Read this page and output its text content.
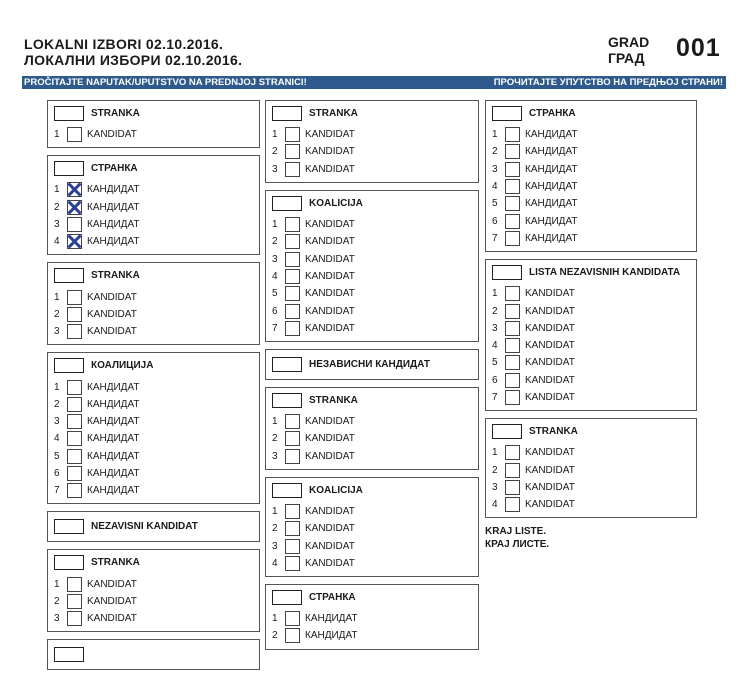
LOKALNI IZBORI 02.10.2016.
ЛОКАЛНИ ИЗБОРИ 02.10.2016.
GRAD
ГРАД 001
PROČITAJTE NAPUTAK/UPUTSTVO NA PREDNJOJ STRANICI!	ПРОЧИТАЈТЕ УПУТСТВО НА ПРЕДЊОЈ СТРАНИ!
STRANKA
1	KANDIDAT
СТРАНКА
1	КАНДИДАТ
2	КАНДИДАТ
3	КАНДИДАТ
4	КАНДИДАТ
STRANKA
1	KANDIDAT
2	KANDIDAT
3	KANDIDAT
КОАЛИЦИЈА
1	КАНДИДАТ
2	КАНДИДАТ
3	КАНДИДАТ
4	КАНДИДАТ
5	КАНДИДАТ
6	КАНДИДАТ
7	КАНДИДАТ
NEZAVISNI KANDIDAT
STRANKA
1	KANDIDAT
2	KANDIDAT
3	KANDIDAT
STRANKA
1	KANDIDAT
2	KANDIDAT
3	KANDIDAT
KOALICIJA
1	KANDIDAT
2	KANDIDAT
3	KANDIDAT
4	KANDIDAT
5	KANDIDAT
6	KANDIDAT
7	KANDIDAT
НЕЗАВИСНИ КАНДИДАТ
STRANKA
1	KANDIDAT
2	KANDIDAT
3	KANDIDAT
KOALICIJA
1	KANDIDAT
2	KANDIDAT
3	KANDIDAT
4	KANDIDAT
СТРАНКА
1	КАНДИДАТ
2	КАНДИДАТ
СТРАНКА
1	КАНДИДАТ
2	КАНДИДАТ
3	КАНДИДАТ
4	КАНДИДАТ
5	КАНДИДАТ
6	КАНДИДАТ
7	КАНДИДАТ
LISTA NEZAVISNIH KANDIDATA
1	KANDIDAT
2	KANDIDAT
3	KANDIDAT
4	KANDIDAT
5	KANDIDAT
6	KANDIDAT
7	KANDIDAT
STRANKA
1	KANDIDAT
2	KANDIDAT
3	KANDIDAT
4	KANDIDAT
KRAJ LISTE.
КРАЈ ЛИСТЕ.
